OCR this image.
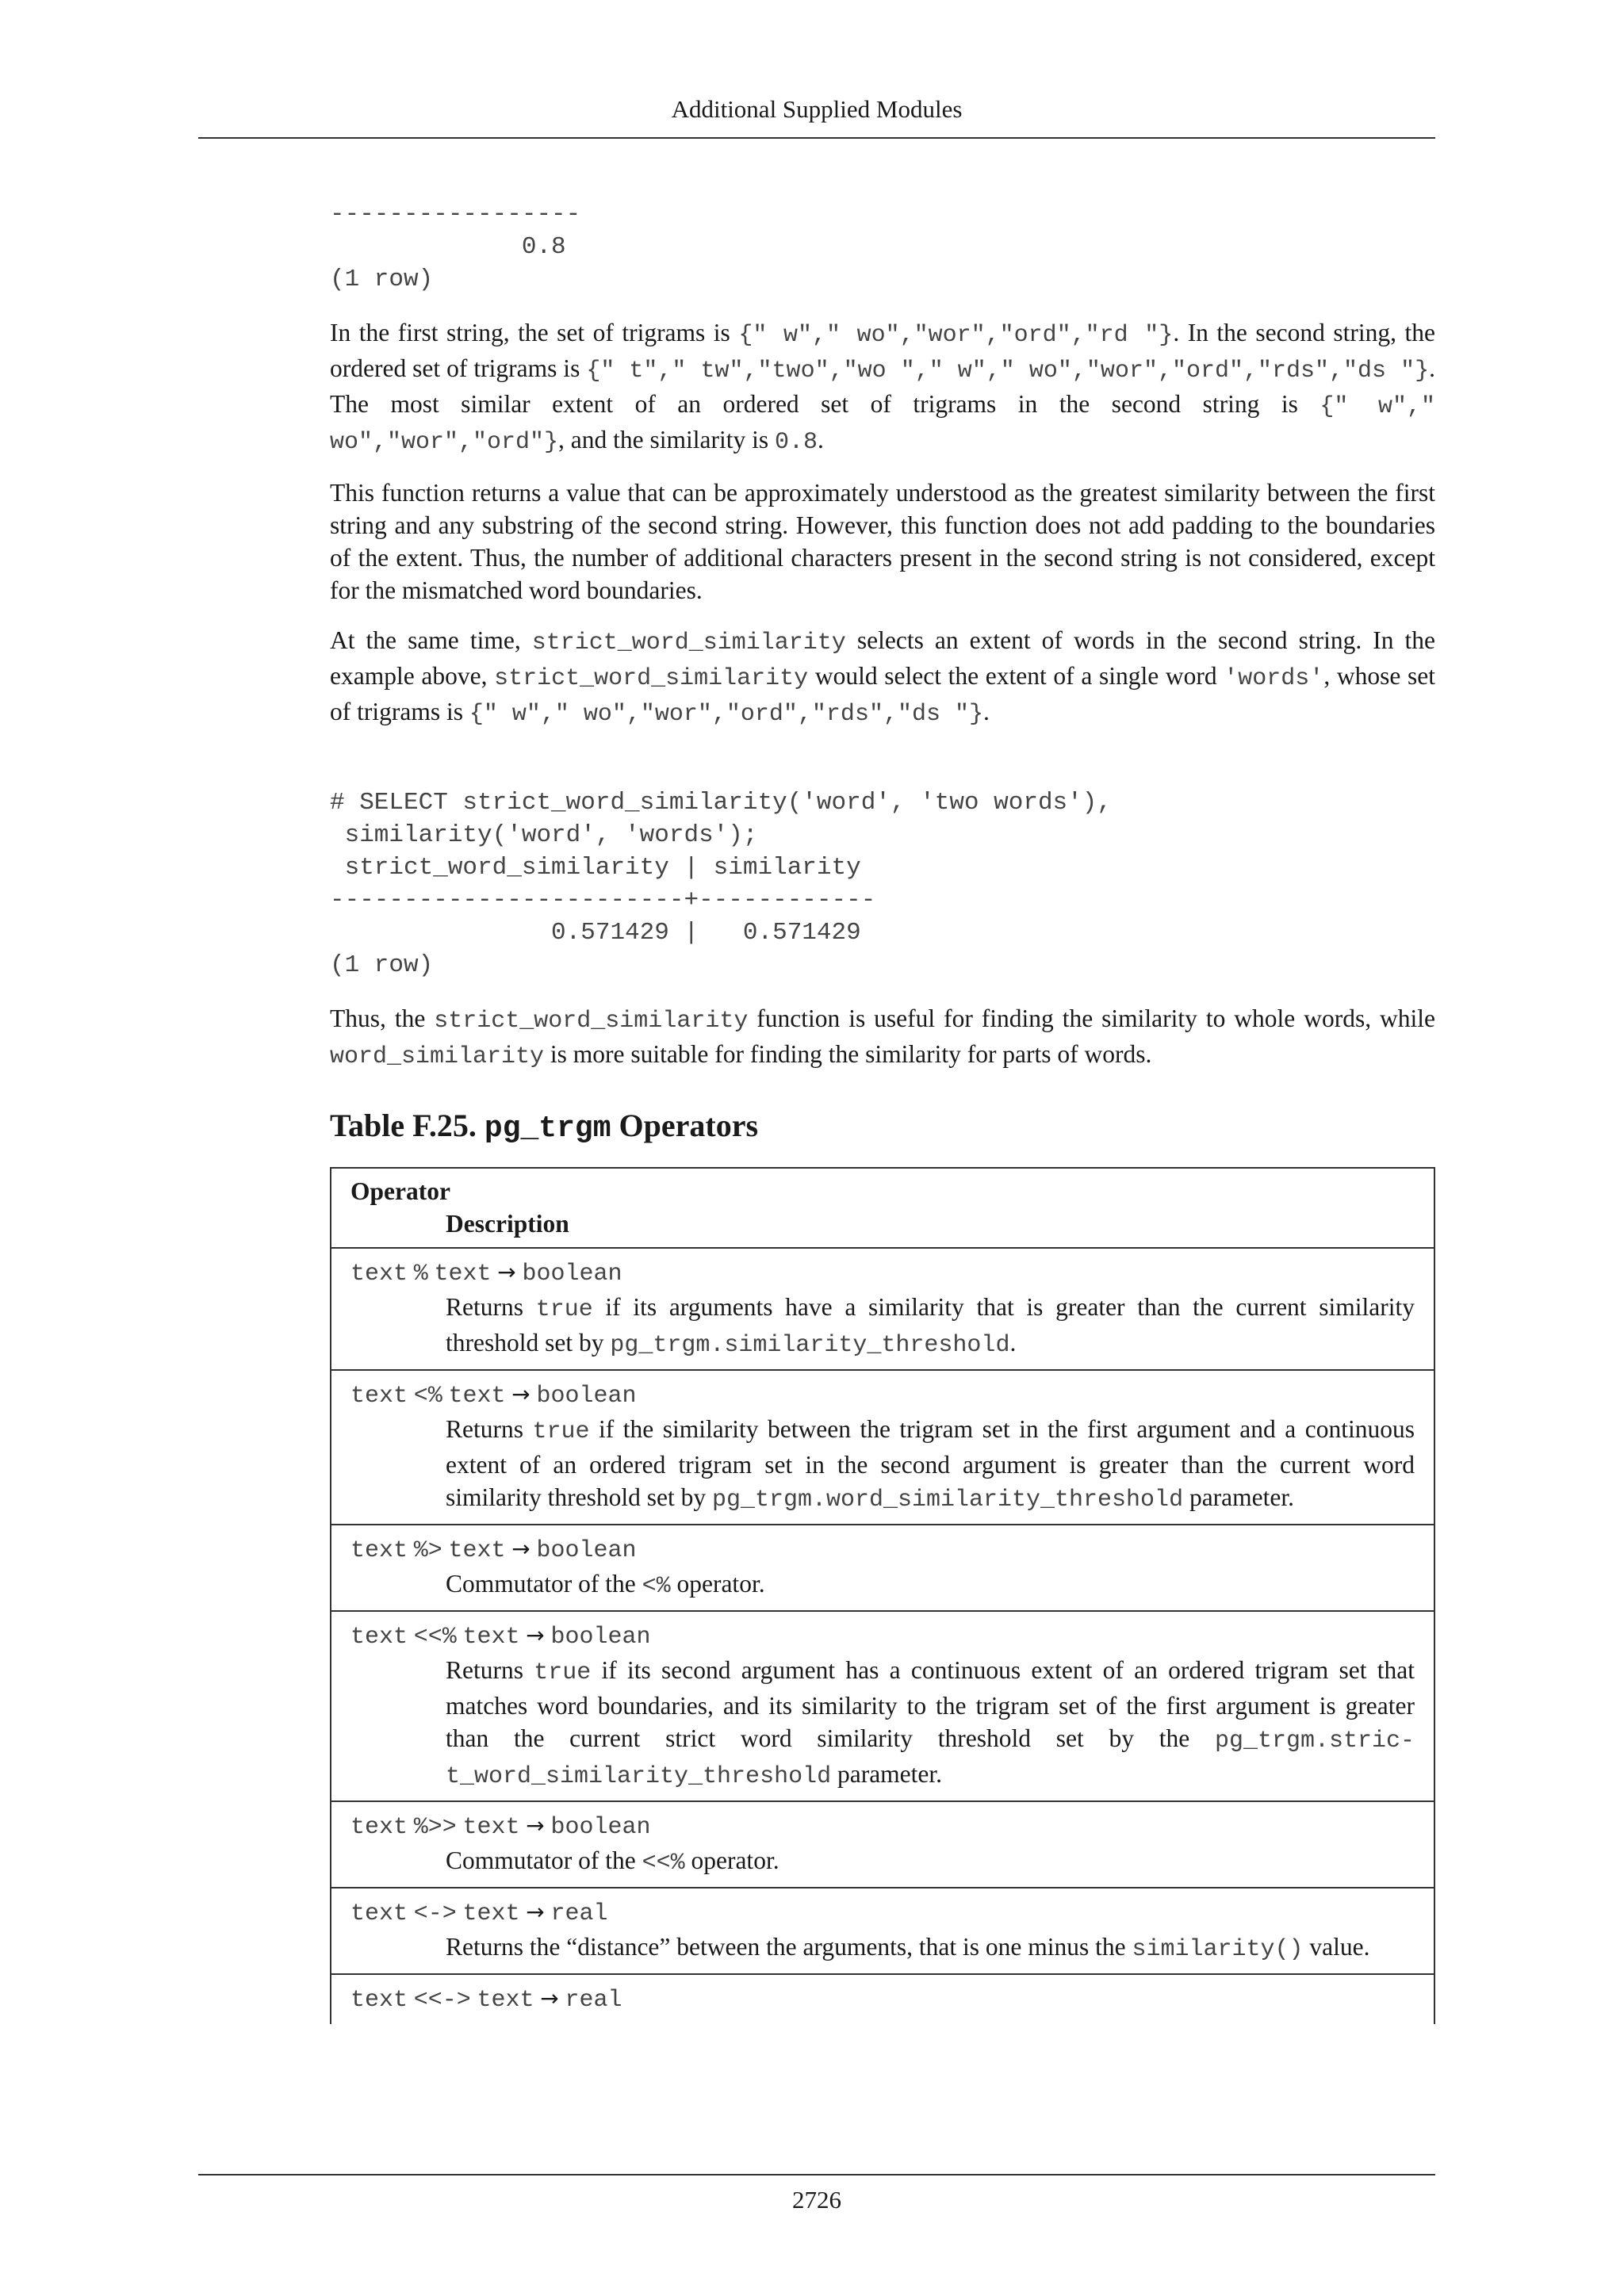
Additional Supplied Modules
-----------------
0.8
(1 row)

In the first string, the set of trigrams is {" w"," wo","wor","ord","rd "}. In the second string, the ordered set of trigrams is {" t"," tw","two","wo "," w"," wo","wor","ord","rds","ds "}. The most similar extent of an ordered set of trigrams in the second string is {" w"," wo","wor","ord"}, and the similarity is 0.8.

This function returns a value that can be approximately understood as the greatest similarity between the first string and any substring of the second string. However, this function does not add padding to the boundaries of the extent. Thus, the number of additional characters present in the second string is not considered, except for the mismatched word boundaries.

At the same time, strict_word_similarity selects an extent of words in the second string. In the example above, strict_word_similarity would select the extent of a single word 'words', whose set of trigrams is {" w"," wo","wor","ord","rds","ds "}.

# SELECT strict_word_similarity('word', 'two words'),
similarity('word', 'words');
strict_word_similarity | similarity
------------------------+------------
0.571429 |   0.571429
(1 row)

Thus, the strict_word_similarity function is useful for finding the similarity to whole words, while word_similarity is more suitable for finding the similarity for parts of words.

Table F.25. pg_trgm Operators
Operator
Description
text % text → boolean
Returns true if its arguments have a similarity that is greater than the current similarity threshold set by pg_trgm.similarity_threshold.
text <% text → boolean
Returns true if the similarity between the trigram set in the first argument and a continuous extent of an ordered trigram set in the second argument is greater than the current word similarity threshold set by pg_trgm.word_similarity_threshold parameter.
text %> text → boolean
Commutator of the <% operator.
text <<% text → boolean
Returns true if its second argument has a continuous extent of an ordered trigram set that matches word boundaries, and its similarity to the trigram set of the first argument is greater than the current strict word similarity threshold set by the pg_trgm.strict_word_similarity_threshold parameter.
text %>> text → boolean
Commutator of the <<% operator.
text <-> text → real
Returns the “distance” between the arguments, that is one minus the similarity() value.
text <<-> text → real
2726
